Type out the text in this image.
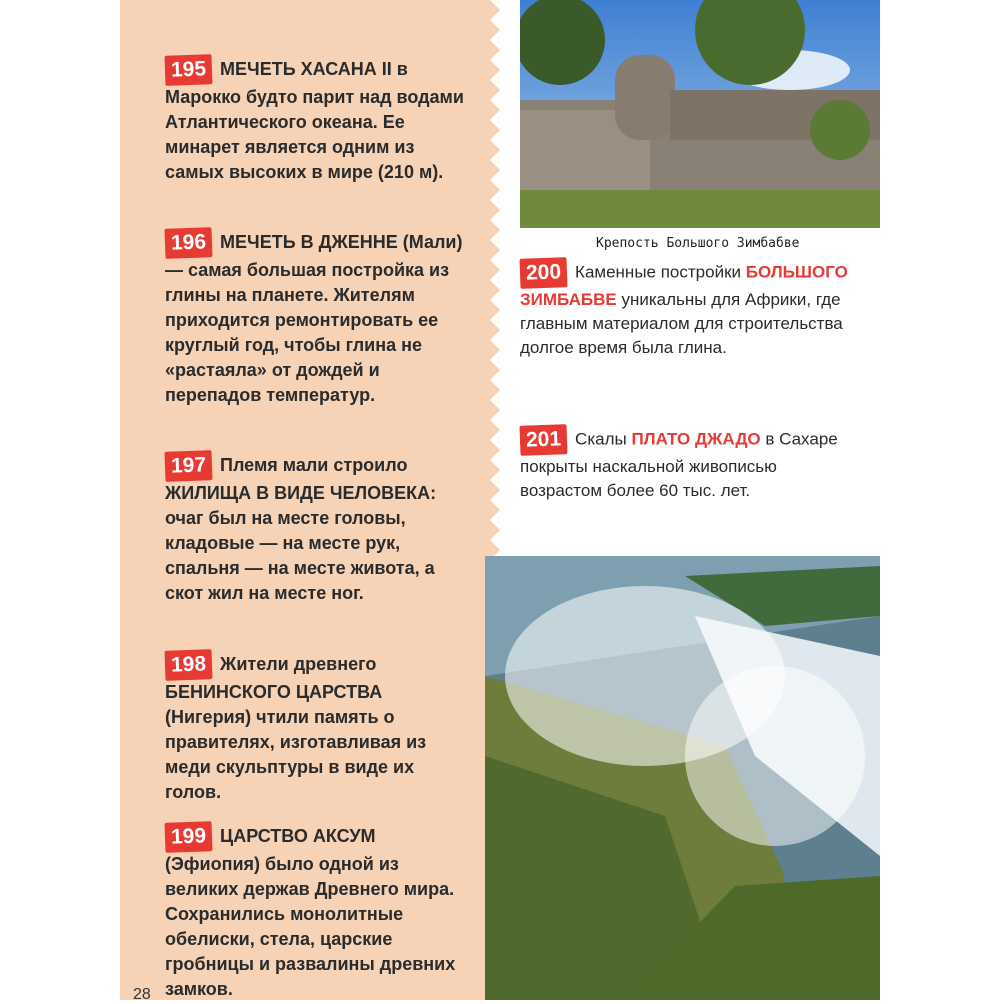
195 МЕЧЕТЬ ХАСАНА II в Марокко будто парит над водами Атлантического океана. Ее минарет является одним из самых высоких в мире (210 м).
196 МЕЧЕТЬ В ДЖЕННЕ (Мали) — самая большая постройка из глины на планете. Жителям приходится ремонтировать ее круглый год, чтобы глина не «растаяла» от дождей и перепадов температур.
197 Племя мали строило ЖИЛИЩА В ВИДЕ ЧЕЛОВЕКА: очаг был на месте головы, кладовые — на месте рук, спальня — на месте живота, а скот жил на месте ног.
198 Жители древнего БЕНИНСКОГО ЦАРСТВА (Нигерия) чтили память о правителях, изготавливая из меди скульптуры в виде их голов.
199 ЦАРСТВО АКСУМ (Эфиопия) было одной из великих держав Древнего мира. Сохранились монолитные обелиски, стела, царские гробницы и развалины древних замков.
Крепость Большого Зимбабве
200 Каменные постройки БОЛЬШОГО ЗИМБАБВЕ уникальны для Африки, где главным материалом для строительства долгое время была глина.
201 Скалы ПЛАТО ДЖАДО в Сахаре покрыты наскальной живописью возрастом более 60 тыс. лет.
28
